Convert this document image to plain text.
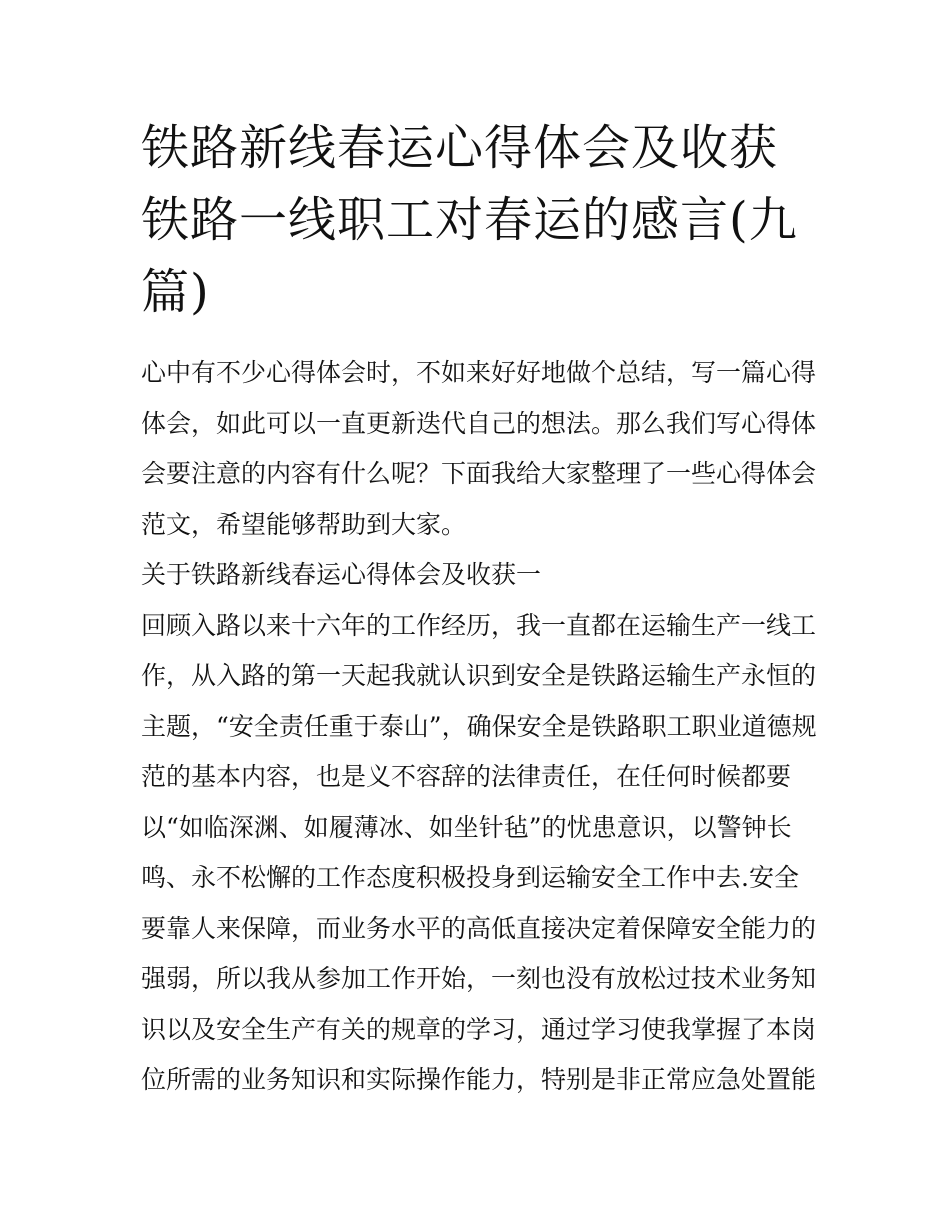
铁路新线春运心得体会及收获
铁路一线职工对春运的感言(九
篇)

心中有不少心得体会时，不如来好好地做个总结，写一篇心得
体会，如此可以一直更新迭代自己的想法。那么我们写心得体
会要注意的内容有什么呢？下面我给大家整理了一些心得体会
范文，希望能够帮助到大家。

关于铁路新线春运心得体会及收获一

回顾入路以来十六年的工作经历，我一直都在运输生产一线工
作，从入路的第一天起我就认识到安全是铁路运输生产永恒的
主题，“安全责任重于泰山”，确保安全是铁路职工职业道德规
范的基本内容，也是义不容辞的法律责任，在任何时候都要
以“如临深渊、如履薄冰、如坐针毡”的忧患意识，以警钟长
鸣、永不松懈的工作态度积极投身到运输安全工作中去.安全
要靠人来保障，而业务水平的高低直接决定着保障安全能力的
强弱，所以我从参加工作开始，一刻也没有放松过技术业务知
识以及安全生产有关的规章的学习，通过学习使我掌握了本岗
位所需的业务知识和实际操作能力，特别是非正常应急处置能
